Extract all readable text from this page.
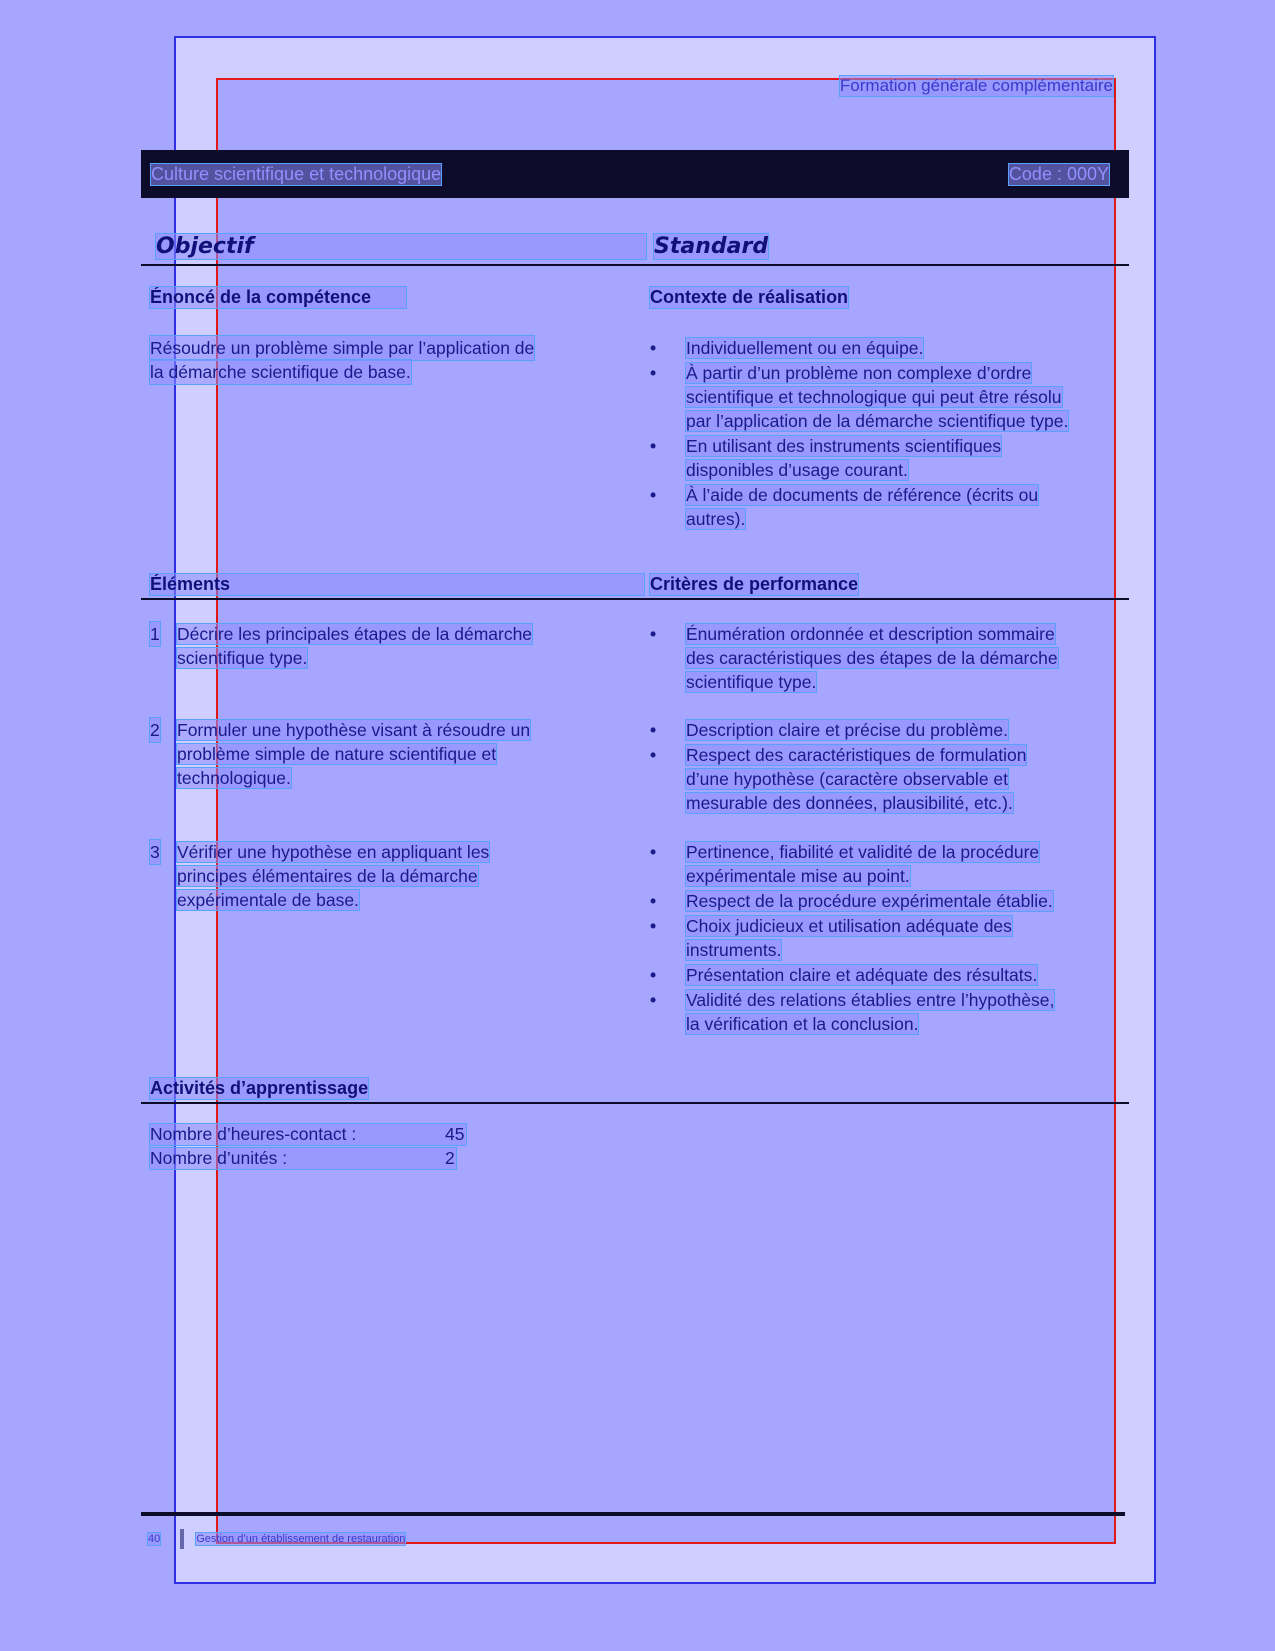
Formation générale complémentaire
Culture scientifique et technologique	Code : 000Y
Objectif	Standard
Énoncé de la compétence	Contexte de réalisation
Résoudre un problème simple par l’application de
la démarche scientifique de base.
• Individuellement ou en équipe.
• À partir d’un problème non complexe d’ordre
scientifique et technologique qui peut être résolu
par l’application de la démarche scientifique type.
• En utilisant des instruments scientifiques
disponibles d’usage courant.
• À l’aide de documents de référence (écrits ou
autres).
Éléments	Critères de performance
1 Décrire les principales étapes de la démarche
scientifique type.
• Énumération ordonnée et description sommaire
des caractéristiques des étapes de la démarche
scientifique type.
2 Formuler une hypothèse visant à résoudre un
problème simple de nature scientifique et
technologique.
• Description claire et précise du problème.
• Respect des caractéristiques de formulation
d’une hypothèse (caractère observable et
mesurable des données, plausibilité, etc.).
3 Vérifier une hypothèse en appliquant les
principes élémentaires de la démarche
expérimentale de base.
• Pertinence, fiabilité et validité de la procédure
expérimentale mise au point.
• Respect de la procédure expérimentale établie.
• Choix judicieux et utilisation adéquate des
instruments.
• Présentation claire et adéquate des résultats.
• Validité des relations établies entre l’hypothèse,
la vérification et la conclusion.
Activités d’apprentissage
Nombre d’heures-contact :	45
Nombre d’unités :	2
40	Gestion d’un établissement de restauration
